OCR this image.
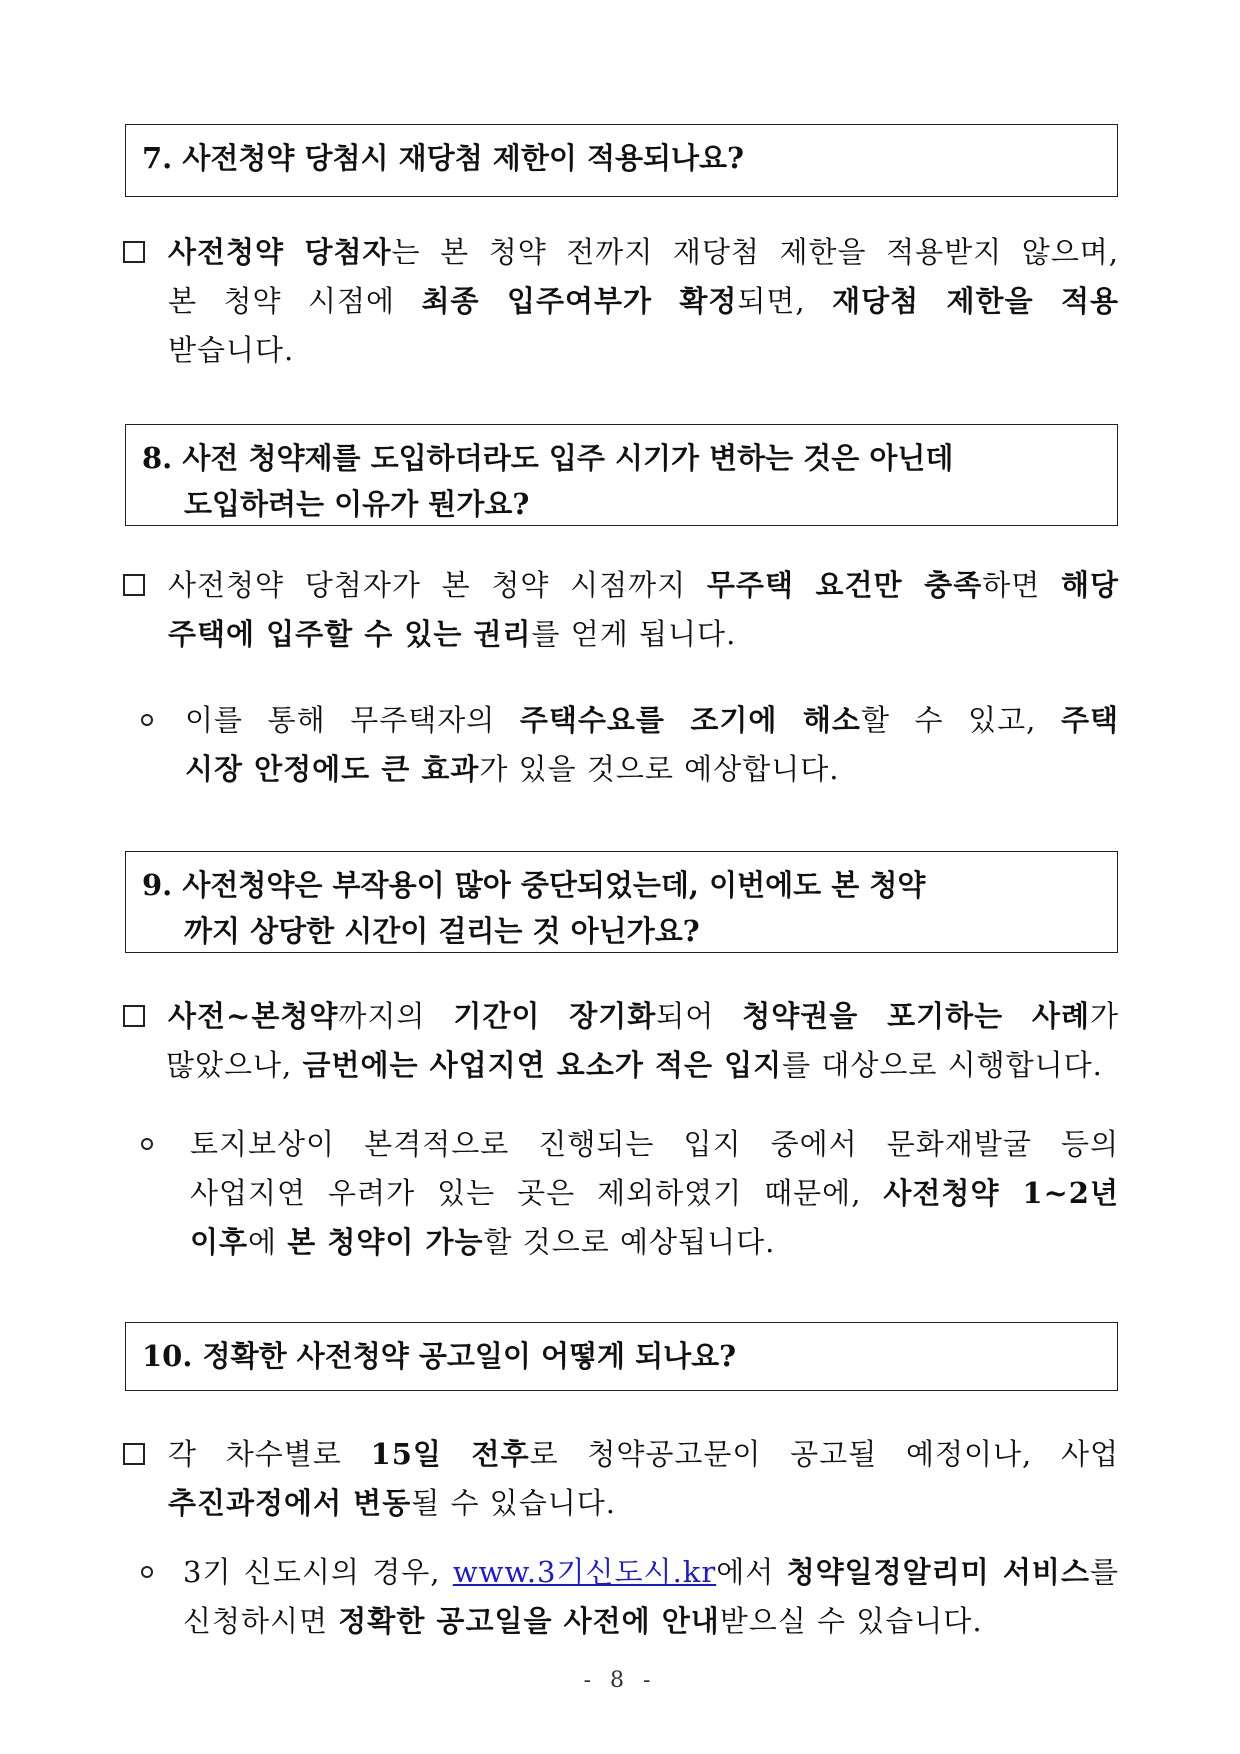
7. 사전청약 당첨시 재당첨 제한이 적용되나요?
사전청약 당첨자는 본 청약 전까지 재당첨 제한을 적용받지 않으며,
본 청약 시점에 최종 입주여부가 확정되면, 재당첨 제한을 적용
받습니다.
8. 사전 청약제를 도입하더라도 입주 시기가 변하는 것은 아닌데
도입하려는 이유가 뭔가요?
사전청약 당첨자가 본 청약 시점까지 무주택 요건만 충족하면 해당
주택에 입주할 수 있는 권리를 얻게 됩니다.
이를 통해 무주택자의 주택수요를 조기에 해소할 수 있고, 주택
시장 안정에도 큰 효과가 있을 것으로 예상합니다.
9. 사전청약은 부작용이 많아 중단되었는데, 이번에도 본 청약
까지 상당한 시간이 걸리는 것 아닌가요?
사전~본청약까지의 기간이 장기화되어 청약권을 포기하는 사례가
많았으나, 금번에는 사업지연 요소가 적은 입지를 대상으로 시행합니다.
토지보상이 본격적으로 진행되는 입지 중에서 문화재발굴 등의
사업지연 우려가 있는 곳은 제외하였기 때문에, 사전청약 1~2년
이후에 본 청약이 가능할 것으로 예상됩니다.
10. 정확한 사전청약 공고일이 어떻게 되나요?
각 차수별로 15일 전후로 청약공고문이 공고될 예정이나, 사업
추진과정에서 변동될 수 있습니다.
3기 신도시의 경우, www.3기신도시.kr에서 청약일정알리미 서비스를
신청하시면 정확한 공고일을 사전에 안내받으실 수 있습니다.
- 8 -
